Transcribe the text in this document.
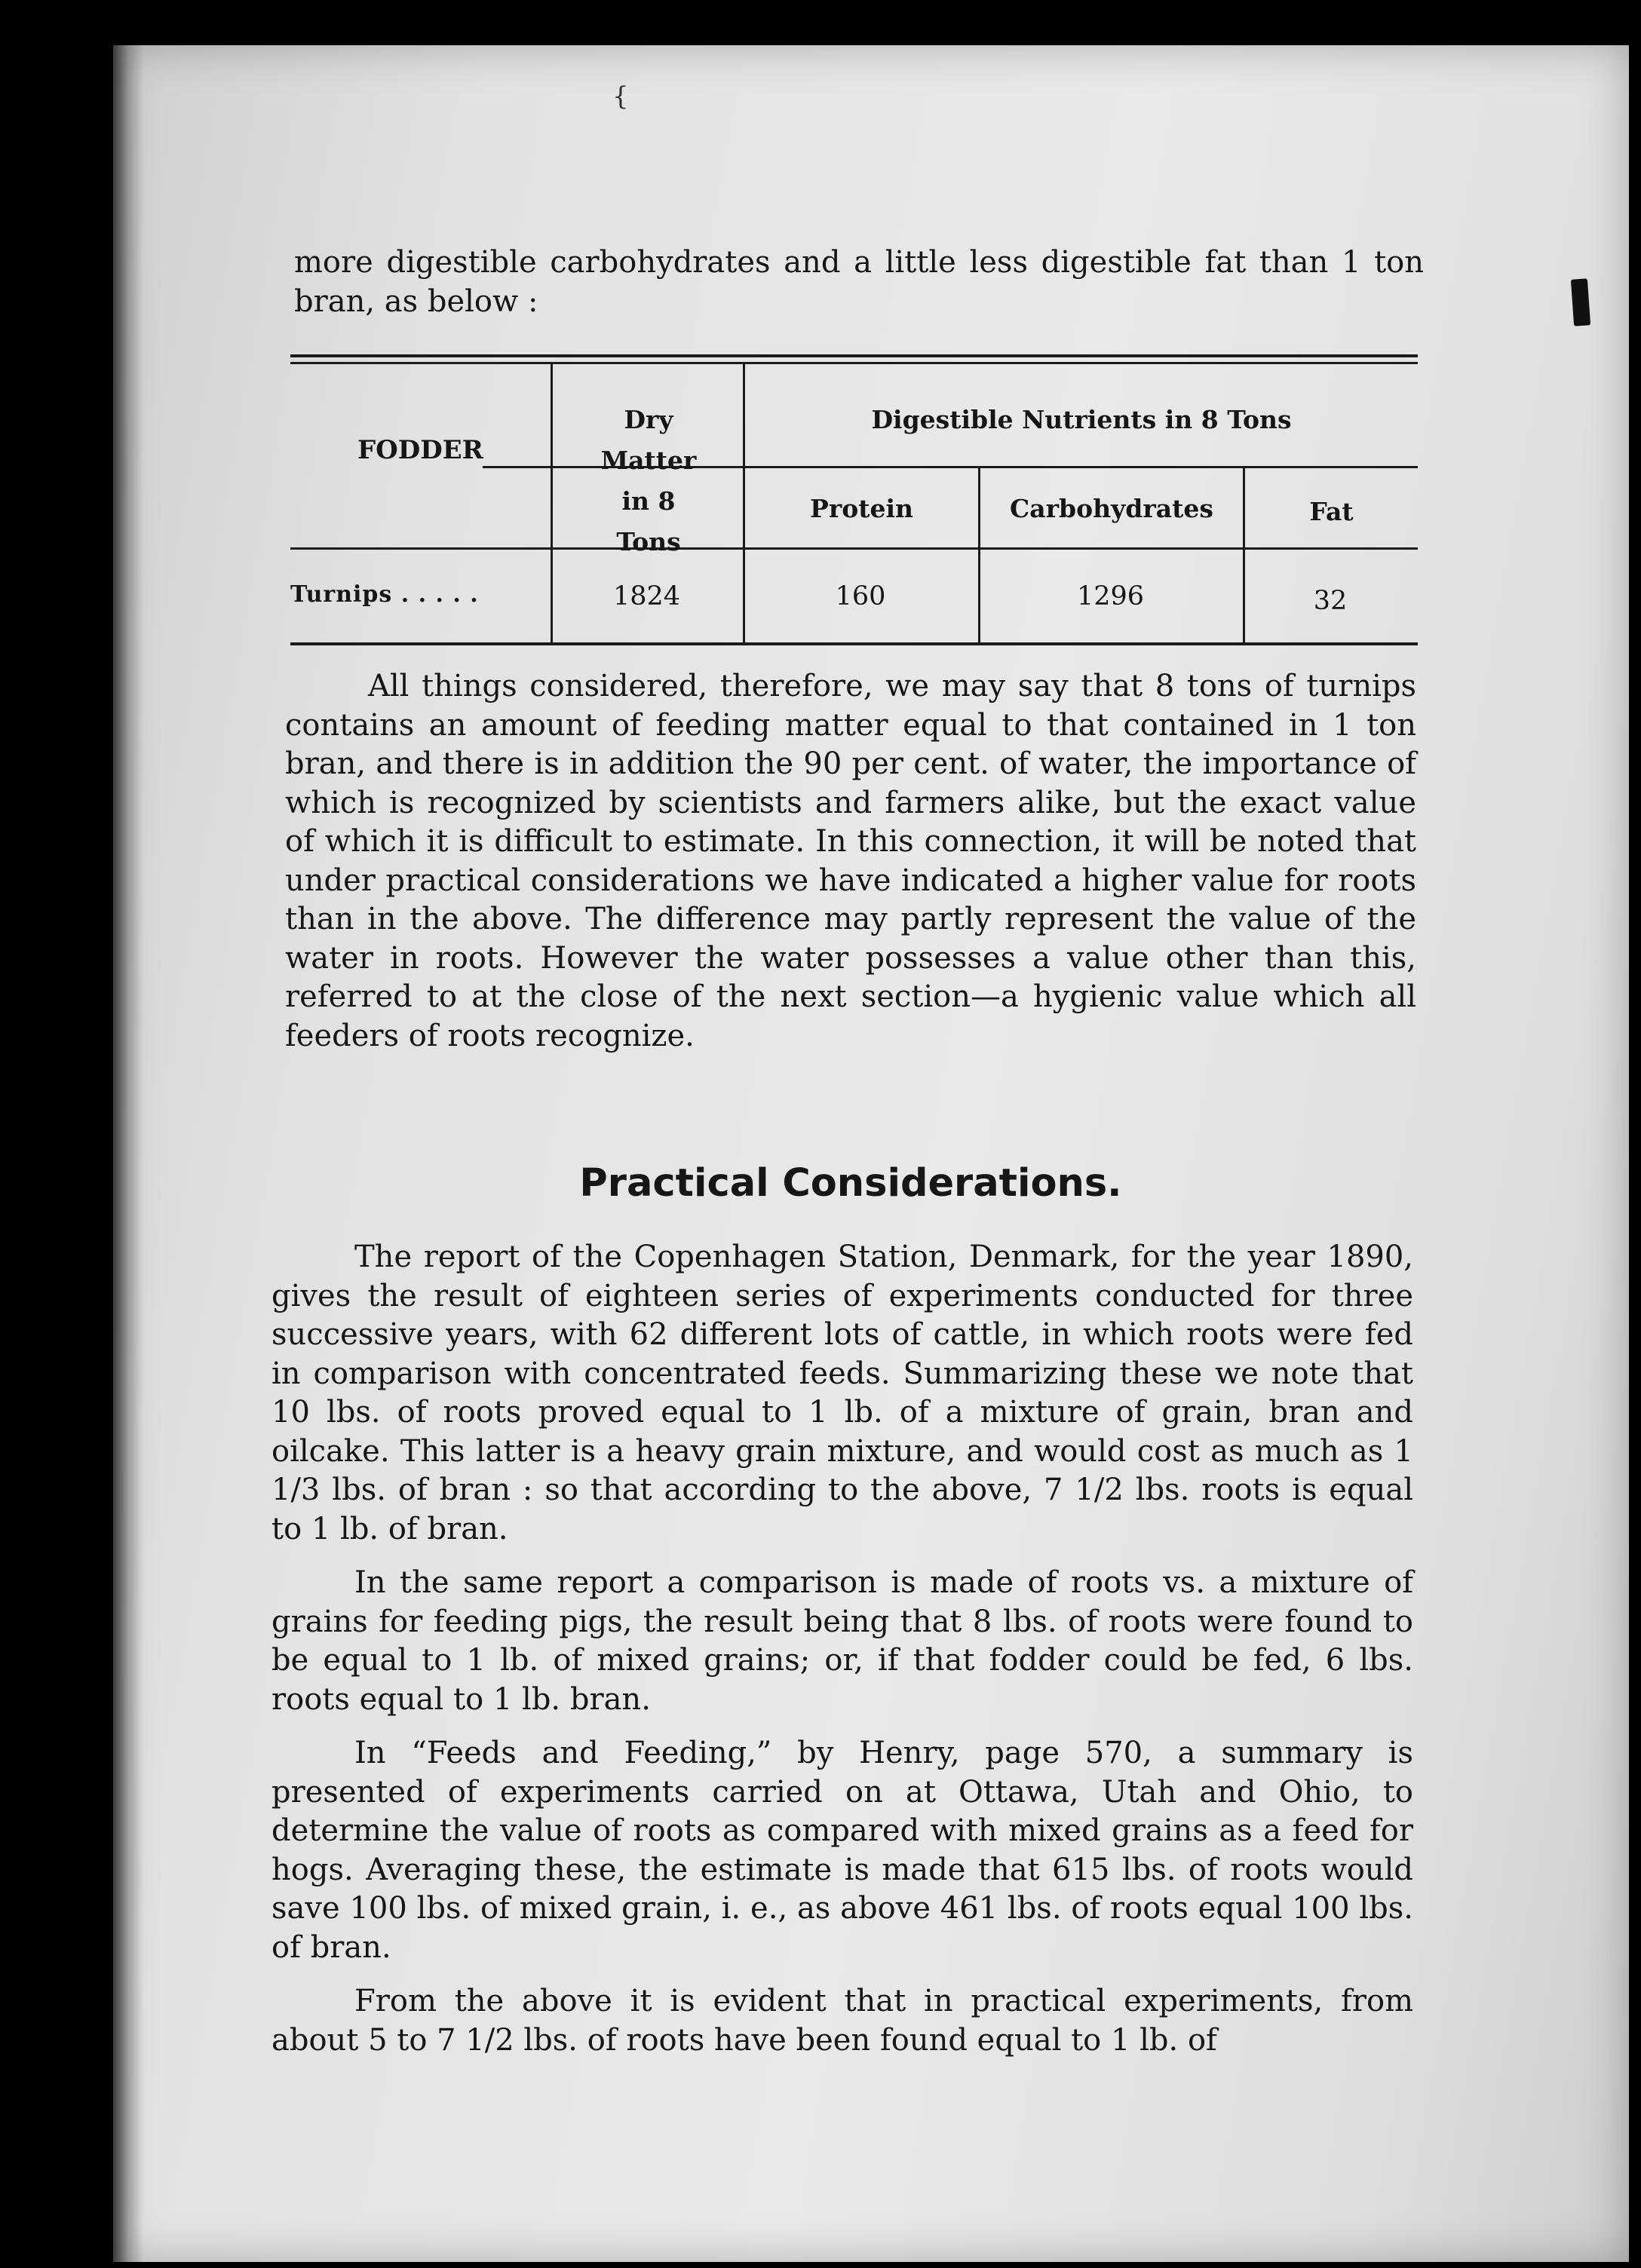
{

more digestible carbohydrates and a little less digestible fat than 1 ton bran, as below :

FODDER
Dry Matter in 8 Tons
Digestible Nutrients in 8 Tons
Protein	Carbohydrates	Fat
Turnips . . . . .	1824	160	1296	32

All things considered, therefore, we may say that 8 tons of turnips contains an amount of feeding matter equal to that contained in 1 ton bran, and there is in addition the 90 per cent. of water, the importance of which is recognized by scientists and farmers alike, but the exact value of which it is difficult to estimate. In this connection, it will be noted that under practical considerations we have indicated a higher value for roots than in the above. The difference may partly represent the value of the water in roots. However the water possesses a value other than this, referred to at the close of the next section—a hygienic value which all feeders of roots recognize.

Practical Considerations.

The report of the Copenhagen Station, Denmark, for the year 1890, gives the result of eighteen series of experiments conducted for three successive years, with 62 different lots of cattle, in which roots were fed in comparison with concentrated feeds. Summarizing these we note that 10 lbs. of roots proved equal to 1 lb. of a mixture of grain, bran and oilcake. This latter is a heavy grain mixture, and would cost as much as 1 1/3 lbs. of bran : so that according to the above, 7 1/2 lbs. roots is equal to 1 lb. of bran.

In the same report a comparison is made of roots vs. a mixture of grains for feeding pigs, the result being that 8 lbs. of roots were found to be equal to 1 lb. of mixed grains; or, if that fodder could be fed, 6 lbs. roots equal to 1 lb. bran.

In “Feeds and Feeding,” by Henry, page 570, a summary is presented of experiments carried on at Ottawa, Utah and Ohio, to determine the value of roots as compared with mixed grains as a feed for hogs. Averaging these, the estimate is made that 615 lbs. of roots would save 100 lbs. of mixed grain, i. e., as above 461 lbs. of roots equal 100 lbs. of bran.

From the above it is evident that in practical experiments, from about 5 to 7 1/2 lbs. of roots have been found equal to 1 lb. of
